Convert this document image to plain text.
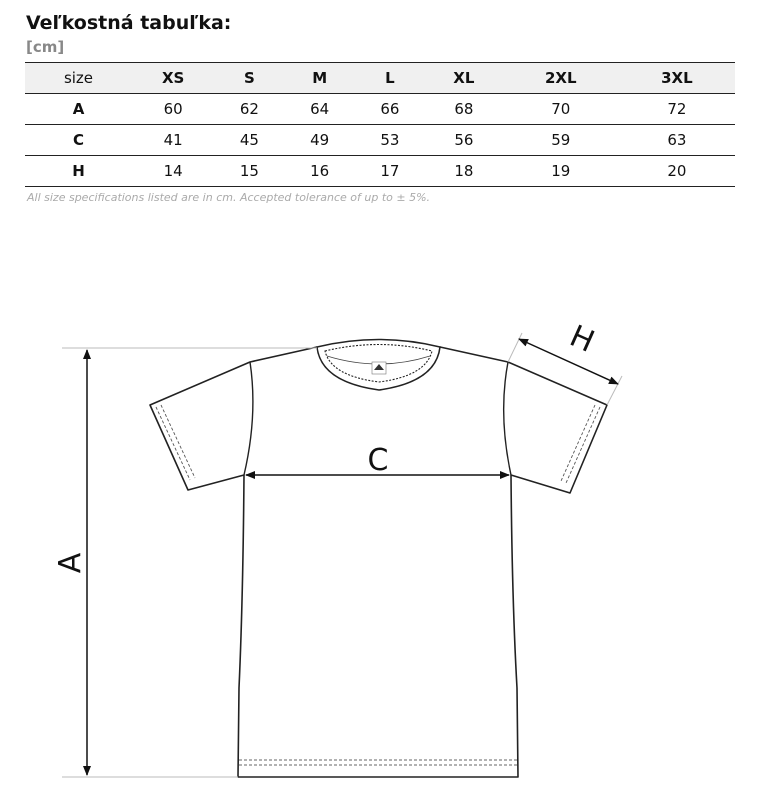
Veľkostná tabuľka:
[cm]
size	XS	S	M	L	XL	2XL	3XL
A	60	62	64	66	68	70	72
C	41	45	49	53	56	59	63
H	14	15	16	17	18	19	20
All size specifications listed are in cm. Accepted tolerance of up to ± 5%.
A
C
H
